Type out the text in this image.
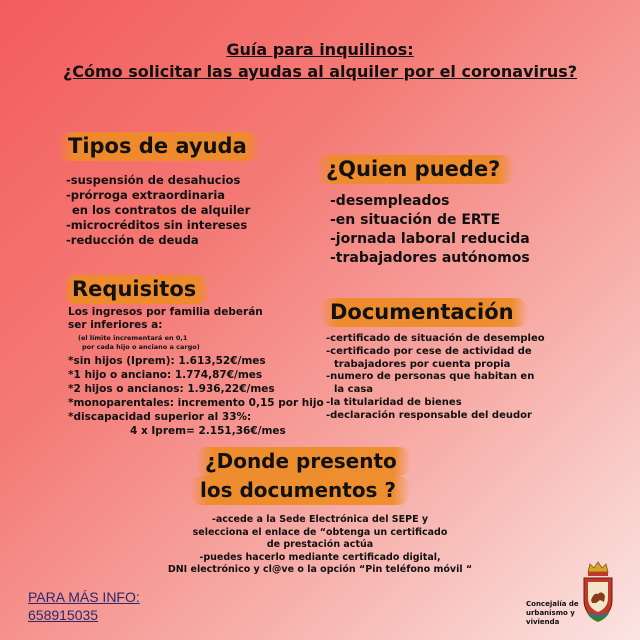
Guía para inquilinos:
¿Cómo solicitar las ayudas al alquiler por el coronavirus?
Tipos de ayuda
-suspensión de desahucios
-prórroga extraordinaria
en los contratos de alquiler
-microcréditos sin intereses
-reducción de deuda
¿Quien puede?
-desempleados
-en situación de ERTE
-jornada laboral reducida
-trabajadores autónomos
Requisitos
Los ingresos por familia deberán
ser inferiores a:
(el límite incrementará en 0,1
por cada hijo o anciano a cargo)
*sin hijos (Iprem): 1.613,52€/mes
*1 hijo o anciano: 1.774,87€/mes
*2 hijos o ancianos: 1.936,22€/mes
*monoparentales: incremento 0,15 por hijo
*discapacidad superior al 33%:
4 x Iprem= 2.151,36€/mes
Documentación
-certificado de situación de desempleo
-certificado por cese de actividad de
trabajadores por cuenta propia
-numero de personas que habitan en
la casa
-la titularidad de bienes
-declaración responsable del deudor
¿Donde presento
los documentos ?
-accede a la Sede Electrónica del SEPE y
selecciona el enlace de “obtenga un certificado
de prestación actúa
-puedes hacerlo mediante certificado digital,
DNI electrónico y cl@ve o la opción “Pin teléfono móvil “
PARA MÁS INFO:
658915035
Concejalía de
urbanismo y
vivienda
